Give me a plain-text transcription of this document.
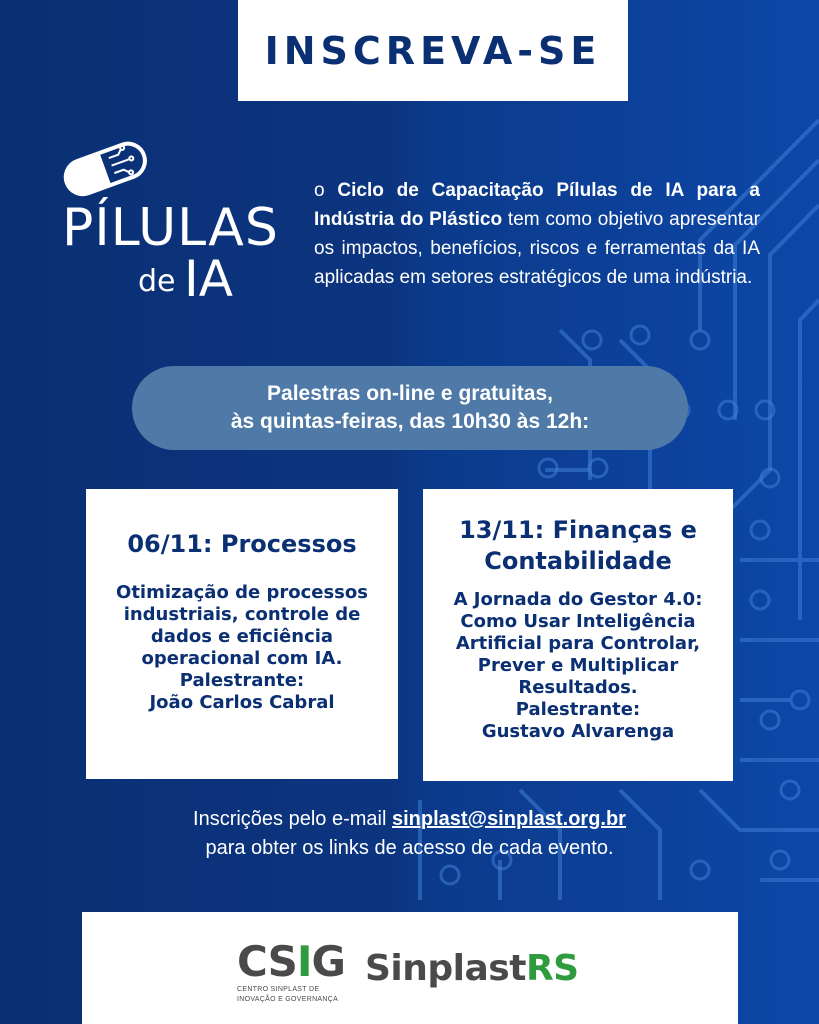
INSCREVA-SE
PÍLULAS
de IA

o Ciclo de Capacitação Pílulas de IA para a Indústria do Plástico tem como objetivo apresentar os impactos, benefícios, riscos e ferramentas da IA aplicadas em setores estratégicos de uma indústria.

Palestras on-line e gratuitas,
às quintas-feiras, das 10h30 às 12h:
06/11: Processos
Otimização de processos industriais, controle de dados e eficiência operacional com IA.
Palestrante:
João Carlos Cabral
13/11: Finanças e Contabilidade
A Jornada do Gestor 4.0: Como Usar Inteligência Artificial para Controlar, Prever e Multiplicar Resultados.
Palestrante:
Gustavo Alvarenga
Inscrições pelo e-mail sinplast@sinplast.org.br
para obter os links de acesso de cada evento.
CSIG
CENTRO SINPLAST DE
INOVAÇÃO E GOVERNANÇA
SinplastRS
